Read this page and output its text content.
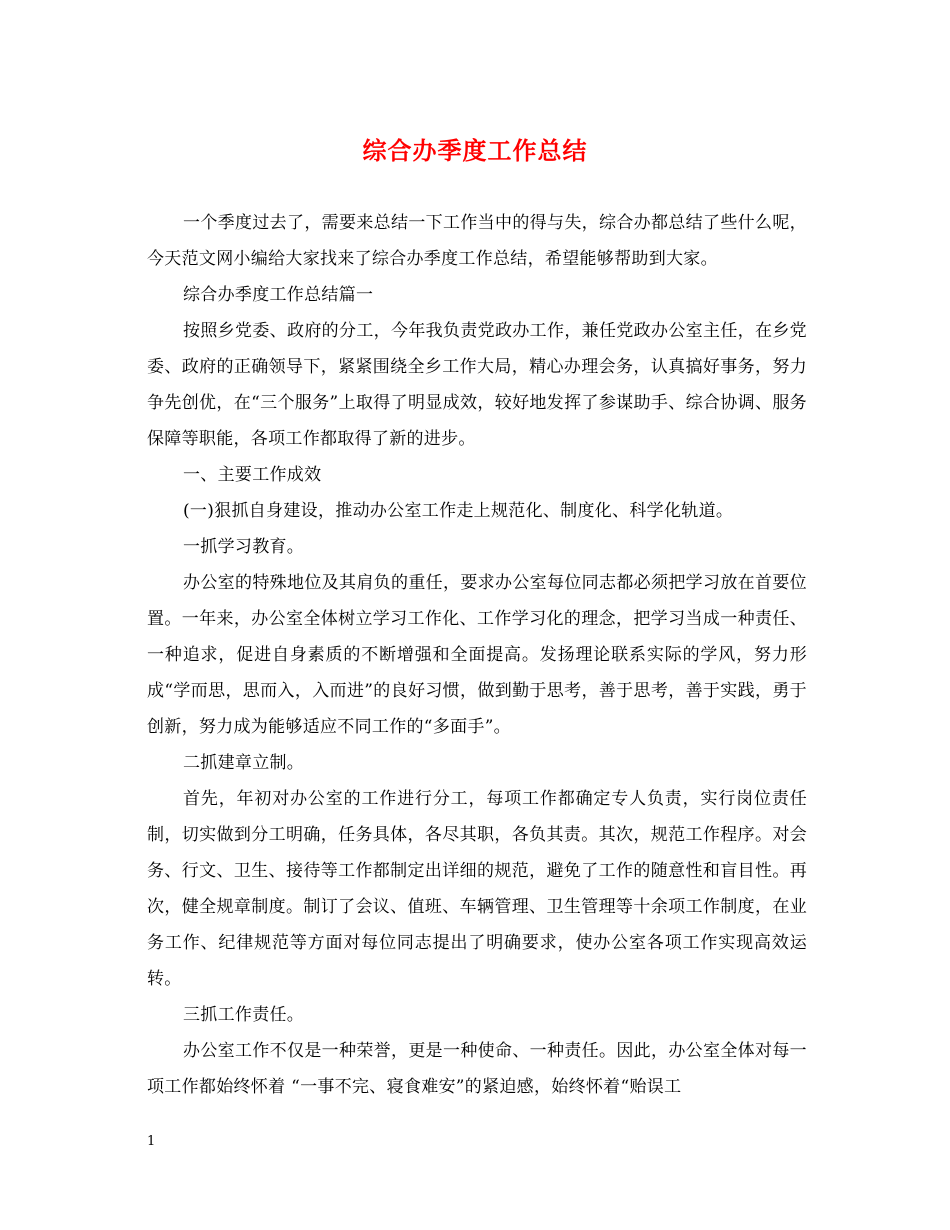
综合办季度工作总结

一个季度过去了，需要来总结一下工作当中的得与失，综合办都总结了些什么呢，今天范文网小编给大家找来了综合办季度工作总结，希望能够帮助到大家。

综合办季度工作总结篇一

按照乡党委、政府的分工，今年我负责党政办工作，兼任党政办公室主任，在乡党委、政府的正确领导下，紧紧围绕全乡工作大局，精心办理会务，认真搞好事务，努力争先创优，在“三个服务”上取得了明显成效，较好地发挥了参谋助手、综合协调、服务保障等职能，各项工作都取得了新的进步。

一、主要工作成效

(一)狠抓自身建设，推动办公室工作走上规范化、制度化、科学化轨道。

一抓学习教育。

办公室的特殊地位及其肩负的重任，要求办公室每位同志都必须把学习放在首要位置。一年来，办公室全体树立学习工作化、工作学习化的理念，把学习当成一种责任、一种追求，促进自身素质的不断增强和全面提高。发扬理论联系实际的学风，努力形成“学而思，思而入，入而进”的良好习惯，做到勤于思考，善于思考，善于实践，勇于创新，努力成为能够适应不同工作的“多面手”。

二抓建章立制。

首先，年初对办公室的工作进行分工，每项工作都确定专人负责，实行岗位责任制，切实做到分工明确，任务具体，各尽其职，各负其责。其次，规范工作程序。对会务、行文、卫生、接待等工作都制定出详细的规范，避免了工作的随意性和盲目性。再次，健全规章制度。制订了会议、值班、车辆管理、卫生管理等十余项工作制度，在业务工作、纪律规范等方面对每位同志提出了明确要求，使办公室各项工作实现高效运转。

三抓工作责任。

办公室工作不仅是一种荣誉，更是一种使命、一种责任。因此，办公室全体对每一项工作都始终怀着 “一事不完、寝食难安”的紧迫感，始终怀着“贻误工

1
